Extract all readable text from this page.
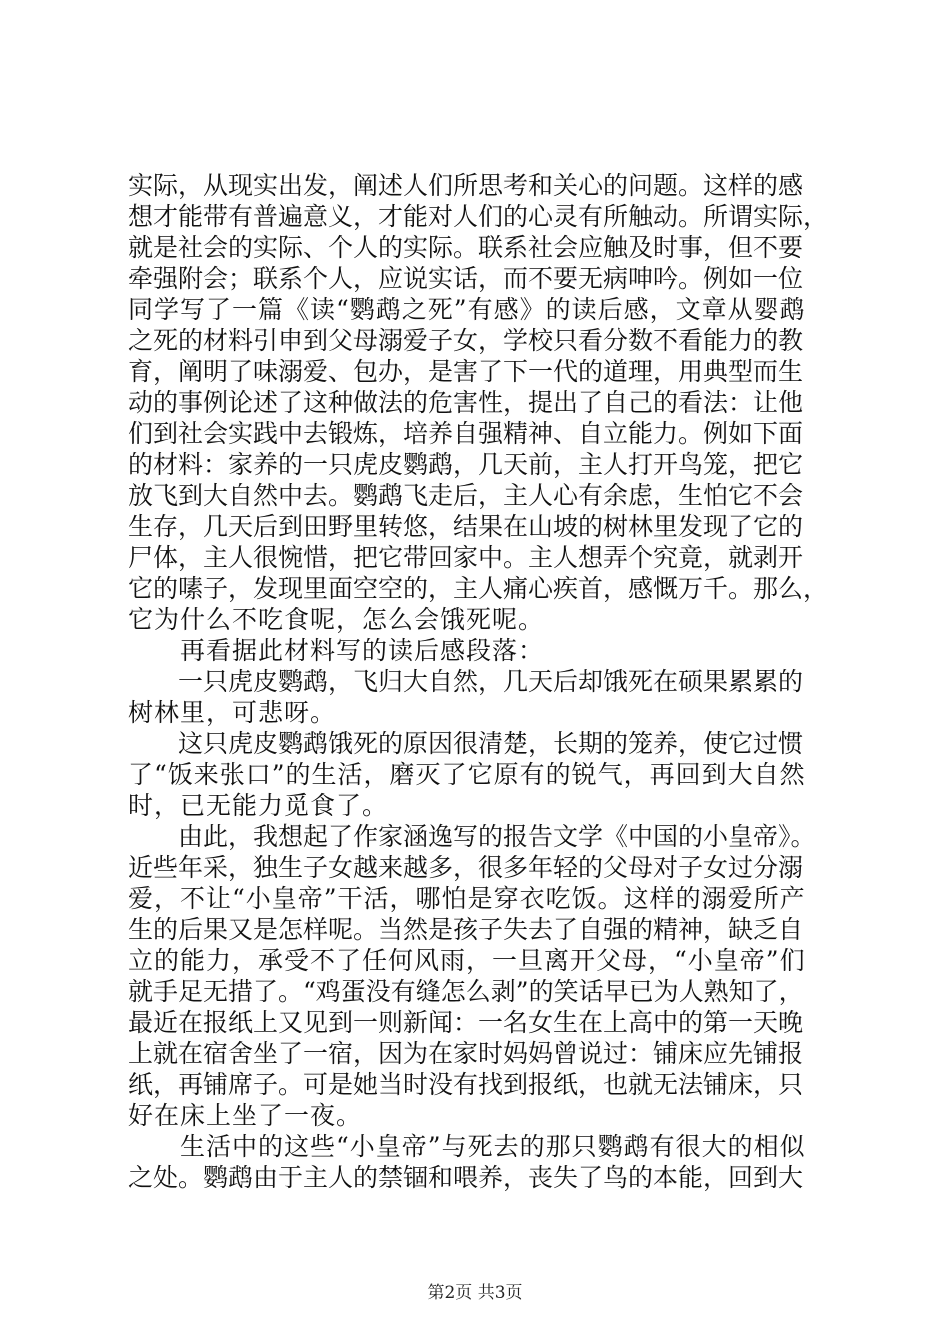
实际，从现实出发，阐述人们所思考和关心的问题。这样的感
想才能带有普遍意义，才能对人们的心灵有所触动。所谓实际，
就是社会的实际、个人的实际。联系社会应触及时事，但不要
牵强附会；联系个人，应说实话，而不要无病呻吟。例如一位
同学写了一篇《读“鹦鹉之死”有感》的读后感，文章从婴鹉
之死的材料引申到父母溺爱子女，学校只看分数不看能力的教
育，阐明了味溺爱、包办，是害了下一代的道理，用典型而生
动的事例论述了这种做法的危害性，提出了自己的看法：让他
们到社会实践中去锻炼，培养自强精神、自立能力。例如下面
的材料：家养的一只虎皮鹦鹉，几天前，主人打开鸟笼，把它
放飞到大自然中去。鹦鹉飞走后，主人心有余虑，生怕它不会
生存，几天后到田野里转悠，结果在山坡的树林里发现了它的
尸体，主人很惋惜，把它带回家中。主人想弄个究竟，就剥开
它的嗉子，发现里面空空的，主人痛心疾首，感慨万千。那么，
它为什么不吃食呢，怎么会饿死呢。
　　再看据此材料写的读后感段落：
　　一只虎皮鹦鹉，飞归大自然，几天后却饿死在硕果累累的
树林里，可悲呀。
　　这只虎皮鹦鹉饿死的原因很清楚，长期的笼养，使它过惯
了“饭来张口”的生活，磨灭了它原有的锐气，再回到大自然
时，已无能力觅食了。
　　由此，我想起了作家涵逸写的报告文学《中国的小皇帝》。
近些年采，独生子女越来越多，很多年轻的父母对子女过分溺
爱，不让“小皇帝”干活，哪怕是穿衣吃饭。这样的溺爱所产
生的后果又是怎样呢。当然是孩子失去了自强的精神，缺乏自
立的能力，承受不了任何风雨，一旦离开父母，“小皇帝”们
就手足无措了。“鸡蛋没有缝怎么剥”的笑话早已为人熟知了，
最近在报纸上又见到一则新闻：一名女生在上高中的第一天晚
上就在宿舍坐了一宿，因为在家时妈妈曾说过：铺床应先铺报
纸，再铺席子。可是她当时没有找到报纸，也就无法铺床，只
好在床上坐了一夜。
　　生活中的这些“小皇帝”与死去的那只鹦鹉有很大的相似
之处。鹦鹉由于主人的禁锢和喂养，丧失了鸟的本能，回到大
第2页 共3页
